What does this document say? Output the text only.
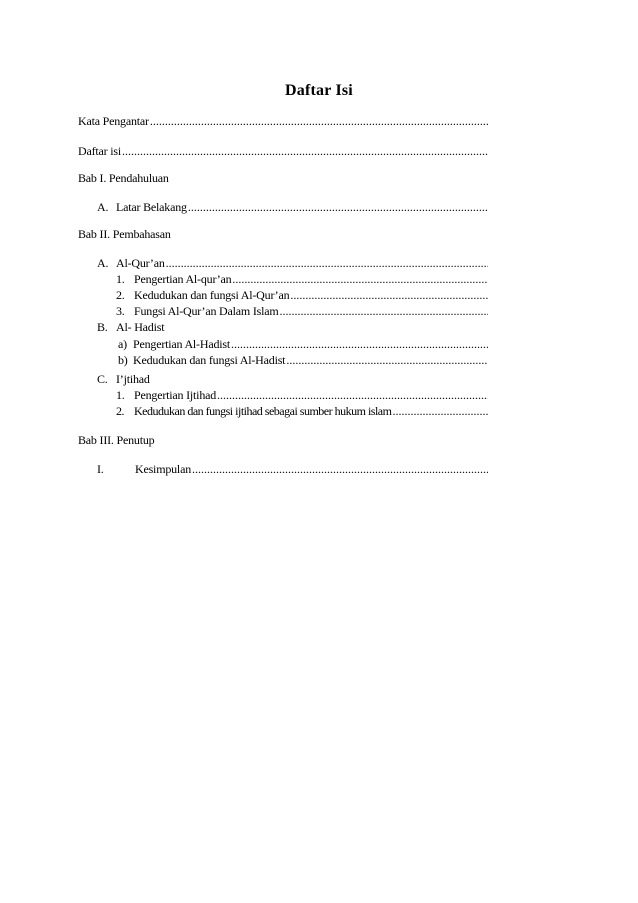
Daftar Isi
Kata Pengantar
.....
Daftar isi
.....
Bab I. Pendahuluan
A. Latar Belakang
.....
Bab II. Pembahasan
A. Al-Qur’an
.....
1. Pengertian Al-qur’an
.....
2. Kedudukan dan fungsi Al-Qur’an
.....
3. Fungsi Al-Qur’an Dalam Islam
.....
B. Al- Hadist
a) Pengertian Al-Hadist
.....
b) Kedudukan dan fungsi Al-Hadist
.....
C. I’jtihad
1. Pengertian Ijtihad
.....
2. Kedudukan dan fungsi ijtihad sebagai sumber hukum islam
.....
Bab III. Penutup
I.	Kesimpulan
.....
